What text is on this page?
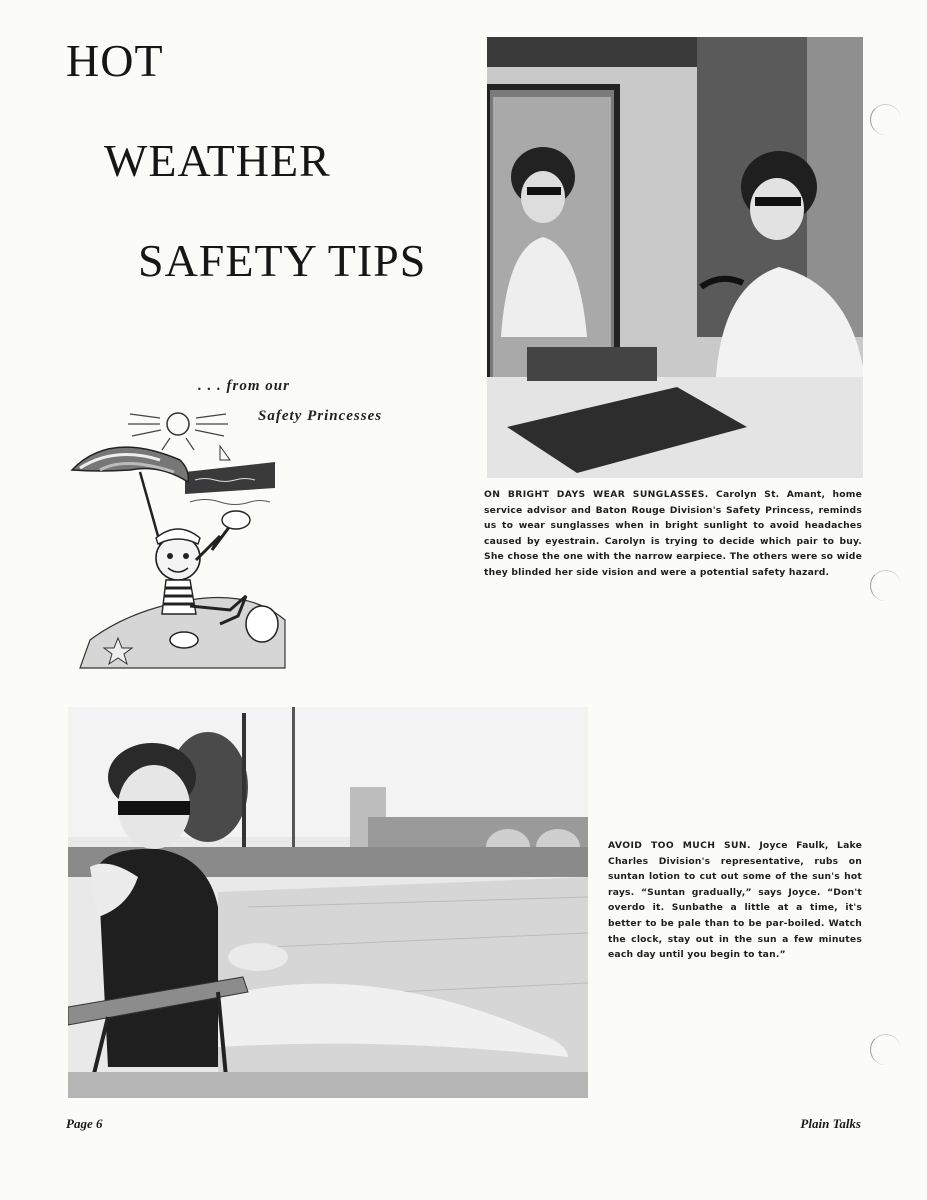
HOT
WEATHER
SAFETY TIPS
. . . from our
Safety Princesses
ON BRIGHT DAYS WEAR SUNGLASSES. Carolyn St. Amant, home service advisor and Baton Rouge Division's Safety Princess, reminds us to wear sunglasses when in bright sunlight to avoid headaches caused by eyestrain. Carolyn is trying to decide which pair to buy. She chose the one with the narrow earpiece. The others were so wide they blinded her side vision and were a potential safety hazard.
AVOID TOO MUCH SUN. Joyce Faulk, Lake Charles Division's representative, rubs on suntan lotion to cut out some of the sun's hot rays. “Suntan gradually,” says Joyce. “Don't overdo it. Sunbathe a little at a time, it's better to be pale than to be par-boiled. Watch the clock, stay out in the sun a few minutes each day until you begin to tan.”
Page 6	Plain Talks
